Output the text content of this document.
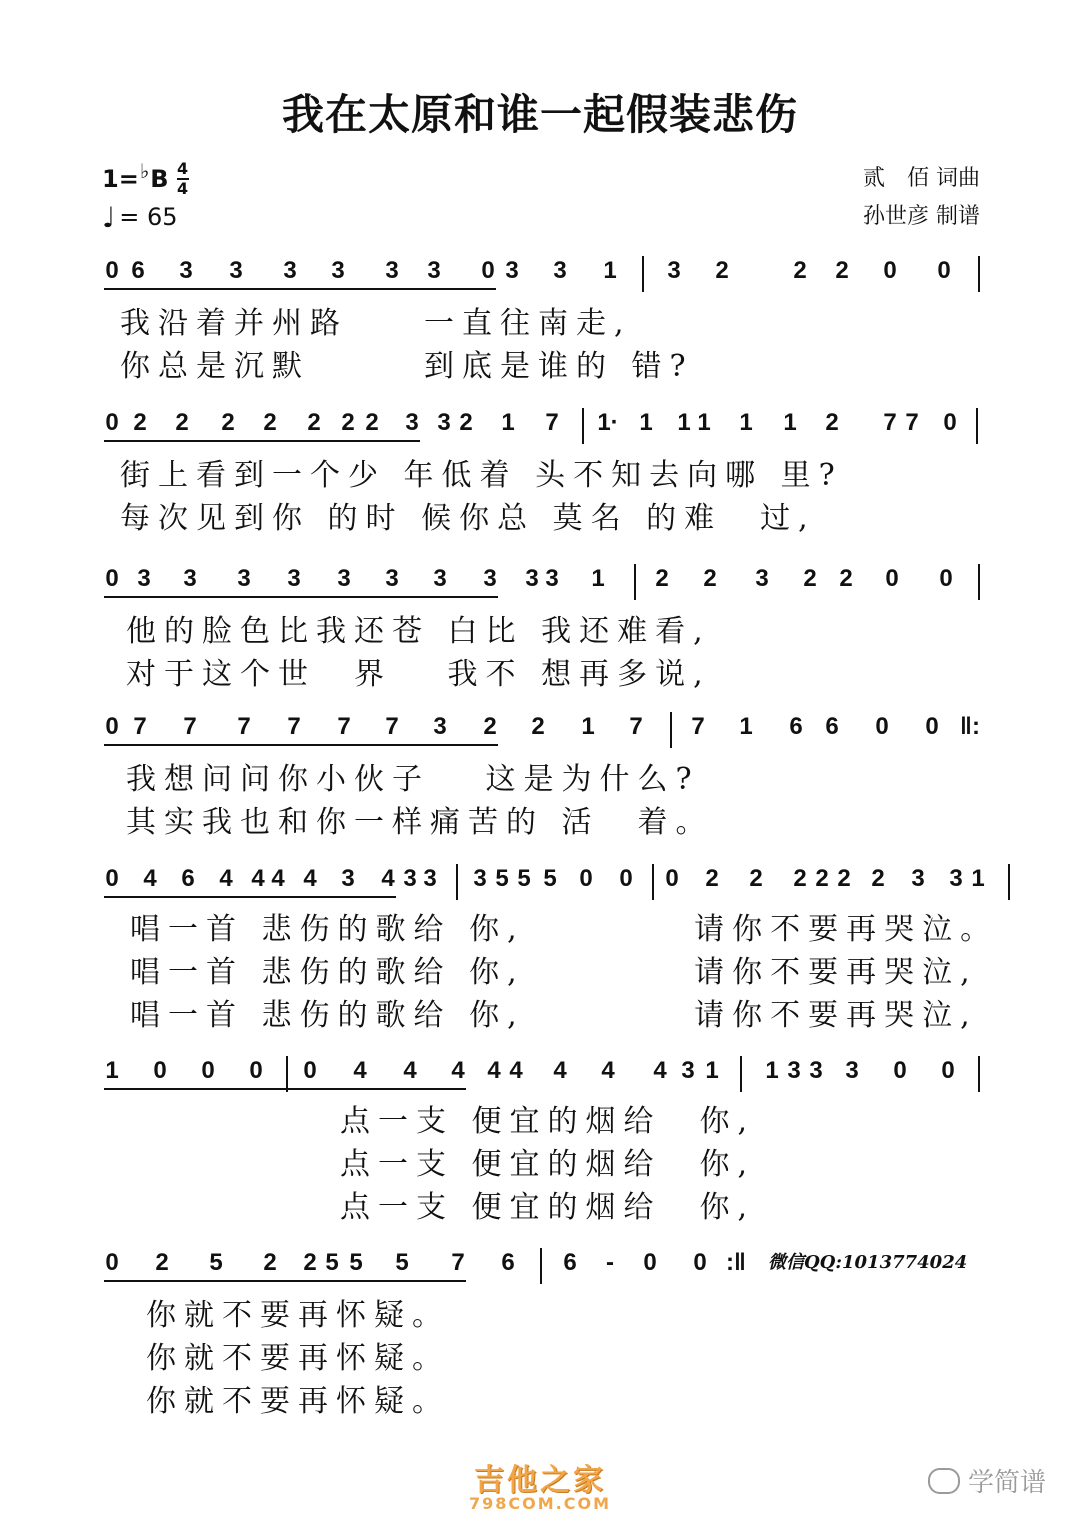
我在太原和谁一起假装悲伤
1= ♭ B 4
4
♩ = 65
贰　佰 词曲
孙世彦 制谱
0 6 3 3 3 3 3 3 0 3 3 1 3 2	2 2 0 0
我沿着并州路　　一直往南走,
你总是沉默　　　到底是谁的 错?
0 2 2 2 2 2 2 2 3 3 2 1 7 1· 1 1 1 1 1 2 7 7 0
街上看到一个少 年低着 头不知去向哪 里?
每次见到你 的时 候你总 莫名 的难　过,
0 3 3 3 3 3 3 3 3 3 3 1 2 2 3 2 2 0 0
他的脸色比我还苍 白比 我还难看,
对于这个世　界　 我不 想再多说,
0 7 7 7 7 7 7 3 2 2 1 7 7 1 6 6 0 0 ‖:
我想问问你小伙子　 这是为什么?
其实我也和你一样痛苦的 活　着。
0 4 6 4 4 4 4 3 4 3 3 3 5 5 5 0 0 0 2 2 2 2 2 2 3 3 1
唱一首 悲伤的歌给 你,　　　　 请你不要再哭泣。
唱一首 悲伤的歌给 你,　　　　 请你不要再哭泣,
唱一首 悲伤的歌给 你,　　　　 请你不要再哭泣,
1 0 0 0 0 4 4 4 4 4 4 4 4 3 1 1 3 3 3 0 0
点一支 便宜的烟给　你,
点一支 便宜的烟给　你,
点一支 便宜的烟给　你,
0 2 5 2 2 5 5 5 7 6 6 - 0 0 :‖
你就不要再怀疑。
你就不要再怀疑。
你就不要再怀疑。
微信QQ:1013774024
吉他之家
798COM.COM
学简谱
